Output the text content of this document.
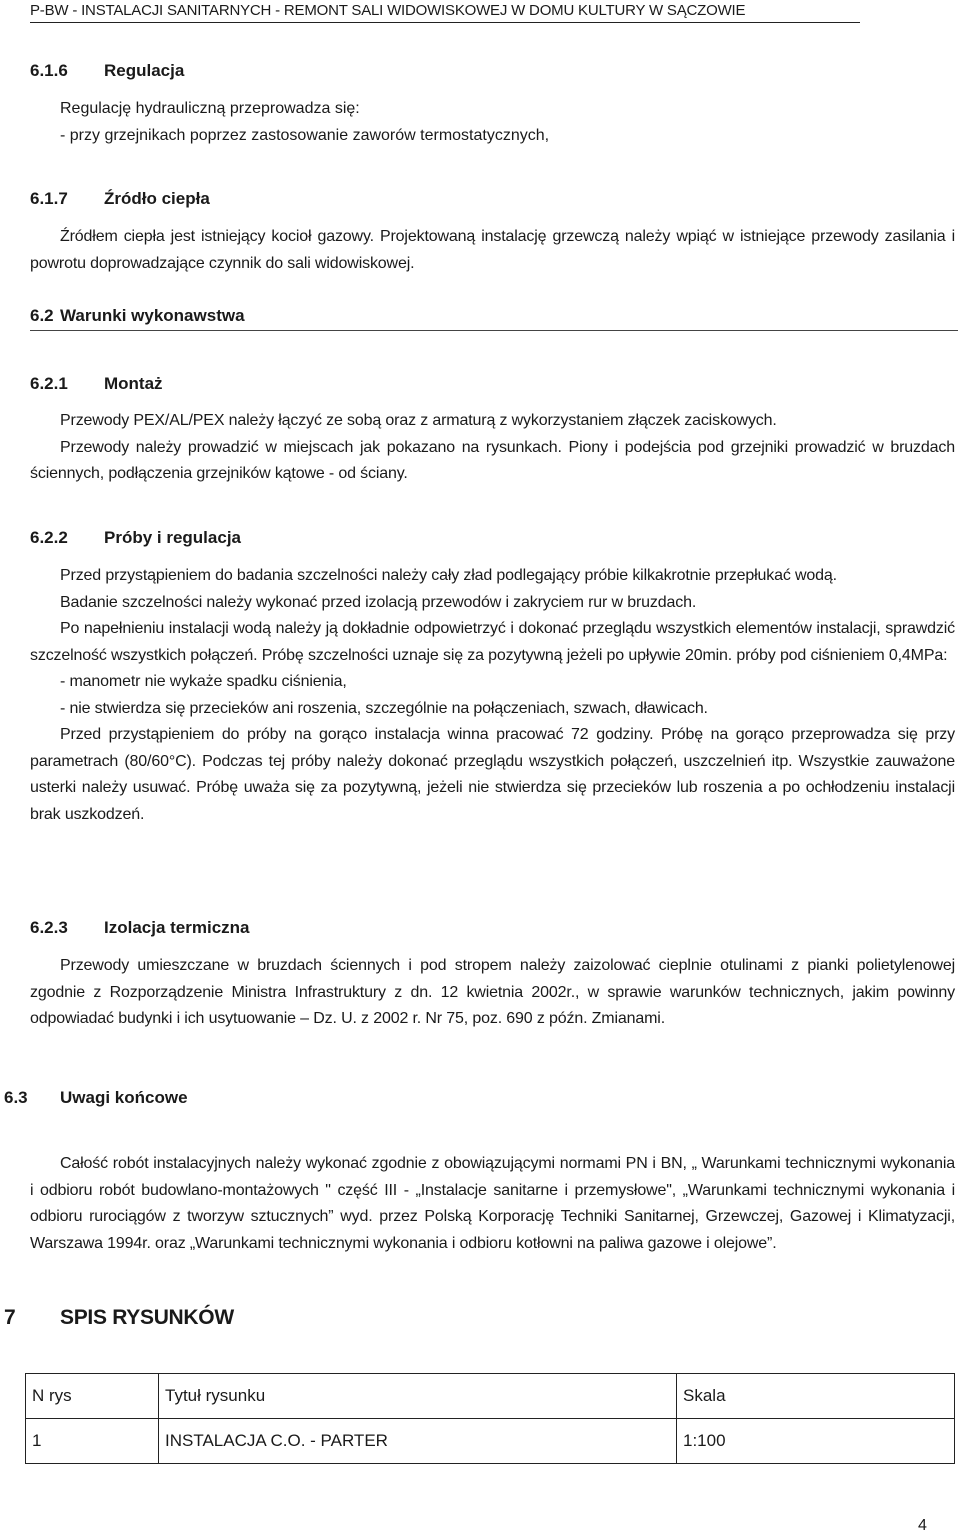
P-BW - INSTALACJI SANITARNYCH - REMONT SALI WIDOWISKOWEJ W DOMU KULTURY W SĄCZOWIE
6.1.6 Regulacja
Regulację hydrauliczną przeprowadza się:
- przy grzejnikach poprzez zastosowanie zaworów termostatycznych,
6.1.7 Źródło ciepła

Źródłem ciepła jest istniejący kocioł gazowy. Projektowaną instalację grzewczą należy wpiąć w istniejące przewody zasilania i powrotu doprowadzające czynnik do sali widowiskowej.

6.2 Warunki wykonawstwa
6.2.1 Montaż

Przewody PEX/AL/PEX należy łączyć ze sobą oraz z armaturą z wykorzystaniem złączek zaciskowych.

Przewody należy prowadzić w miejscach jak pokazano na rysunkach. Piony i podejścia pod grzejniki prowadzić w bruzdach ściennych, podłączenia grzejników kątowe - od ściany.

6.2.2 Próby i regulacja

Przed przystąpieniem do badania szczelności należy cały zład podlegający próbie kilkakrotnie przepłukać wodą.

Badanie szczelności należy wykonać przed izolacją przewodów i zakryciem rur w bruzdach.

Po napełnieniu instalacji wodą należy ją dokładnie odpowietrzyć i dokonać przeglądu wszystkich elementów instalacji, sprawdzić szczelność wszystkich połączeń. Próbę szczelności uznaje się za pozytywną jeżeli po upływie 20min. próby pod ciśnieniem 0,4MPa:

- manometr nie wykaże spadku ciśnienia,

- nie stwierdza się przecieków ani roszenia, szczególnie na połączeniach, szwach, dławicach.

Przed przystąpieniem do próby na gorąco instalacja winna pracować 72 godziny. Próbę na gorąco przeprowadza się przy parametrach (80/60°C). Podczas tej próby należy dokonać przeglądu wszystkich połączeń, uszczelnień itp. Wszystkie zauważone usterki należy usuwać. Próbę uważa się za pozytywną, jeżeli nie stwierdza się przecieków lub roszenia a po ochłodzeniu instalacji brak uszkodzeń.

6.2.3 Izolacja termiczna

Przewody umieszczane w bruzdach ściennych i pod stropem należy zaizolować cieplnie otulinami z pianki polietylenowej zgodnie z Rozporządzenie Ministra Infrastruktury z dn. 12 kwietnia 2002r., w sprawie warunków technicznych, jakim powinny odpowiadać budynki i ich usytuowanie – Dz. U. z 2002 r. Nr 75, poz. 690 z późn. Zmianami.

6.3 Uwagi końcowe

Całość robót instalacyjnych należy wykonać zgodnie z obowiązującymi normami PN i BN, „ Warunkami technicznymi wykonania i odbioru robót budowlano-montażowych " część III - „Instalacje sanitarne i przemysłowe", „Warunkami technicznymi wykonania i odbioru rurociągów z tworzyw sztucznych” wyd. przez Polską Korporację Techniki Sanitarnej, Grzewczej, Gazowej i Klimatyzacji, Warszawa 1994r. oraz „Warunkami technicznymi wykonania i odbioru kotłowni na paliwa gazowe i olejowe”.

7 SPIS RYSUNKÓW
N rys	Tytuł rysunku	Skala
1	INSTALACJA C.O. - PARTER	1:100
4
